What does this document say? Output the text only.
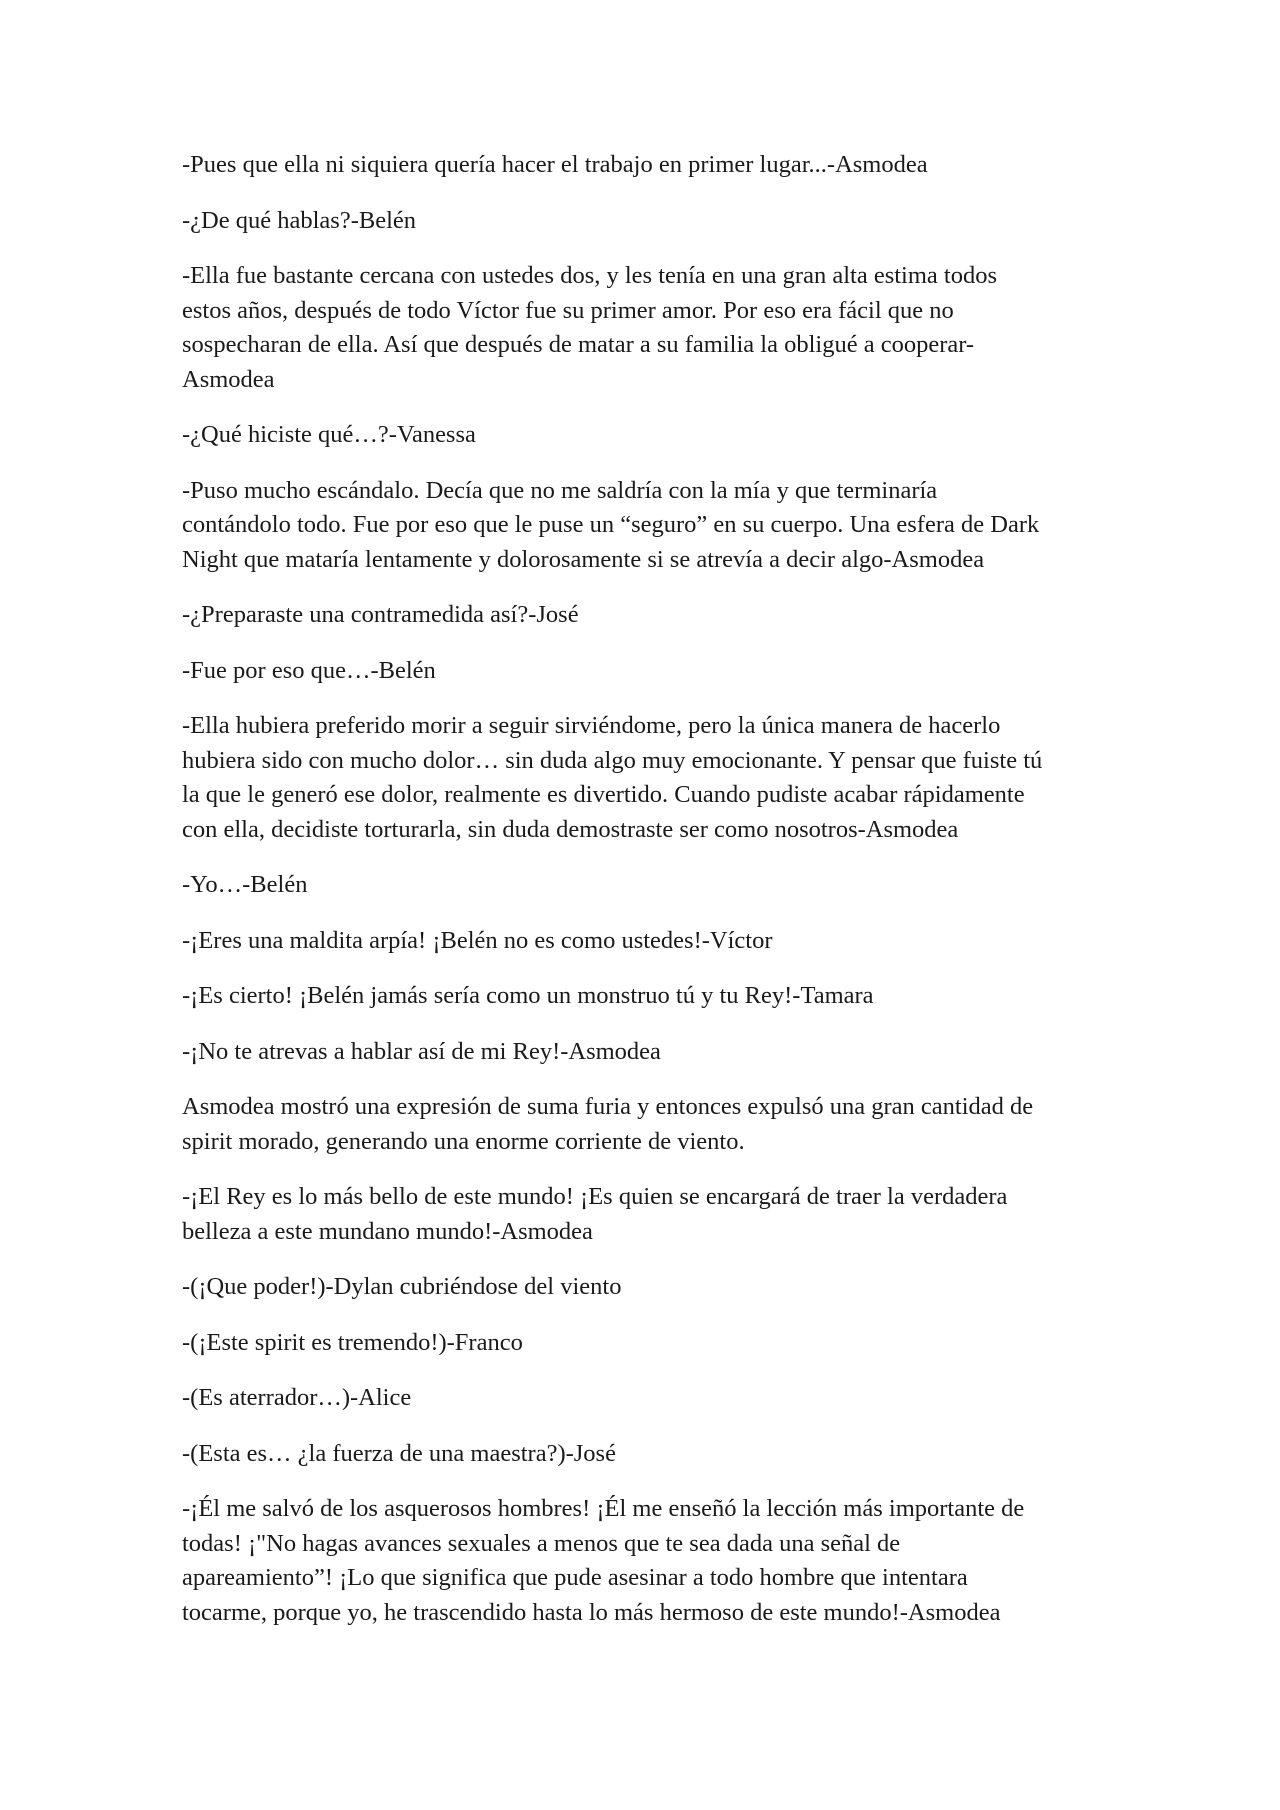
-Pues que ella ni siquiera quería hacer el trabajo en primer lugar...-Asmodea

-¿De qué hablas?-Belén

-Ella fue bastante cercana con ustedes dos, y les tenía en una gran alta estima todos
estos años, después de todo Víctor fue su primer amor. Por eso era fácil que no
sospecharan de ella. Así que después de matar a su familia la obligué a cooperar-
Asmodea

-¿Qué hiciste qué…?-Vanessa

-Puso mucho escándalo. Decía que no me saldría con la mía y que terminaría
contándolo todo. Fue por eso que le puse un “seguro” en su cuerpo. Una esfera de Dark
Night que mataría lentamente y dolorosamente si se atrevía a decir algo-Asmodea

-¿Preparaste una contramedida así?-José

-Fue por eso que…-Belén

-Ella hubiera preferido morir a seguir sirviéndome, pero la única manera de hacerlo
hubiera sido con mucho dolor… sin duda algo muy emocionante. Y pensar que fuiste tú
la que le generó ese dolor, realmente es divertido. Cuando pudiste acabar rápidamente
con ella, decidiste torturarla, sin duda demostraste ser como nosotros-Asmodea

-Yo…-Belén

-¡Eres una maldita arpía! ¡Belén no es como ustedes!-Víctor

-¡Es cierto! ¡Belén jamás sería como un monstruo tú y tu Rey!-Tamara

-¡No te atrevas a hablar así de mi Rey!-Asmodea

Asmodea mostró una expresión de suma furia y entonces expulsó una gran cantidad de
spirit morado, generando una enorme corriente de viento.

-¡El Rey es lo más bello de este mundo! ¡Es quien se encargará de traer la verdadera
belleza a este mundano mundo!-Asmodea

-(¡Que poder!)-Dylan cubriéndose del viento

-(¡Este spirit es tremendo!)-Franco

-(Es aterrador…)-Alice

-(Esta es… ¿la fuerza de una maestra?)-José

-¡Él me salvó de los asquerosos hombres! ¡Él me enseñó la lección más importante de
todas! ¡"No hagas avances sexuales a menos que te sea dada una señal de
apareamiento”! ¡Lo que significa que pude asesinar a todo hombre que intentara
tocarme, porque yo, he trascendido hasta lo más hermoso de este mundo!-Asmodea
